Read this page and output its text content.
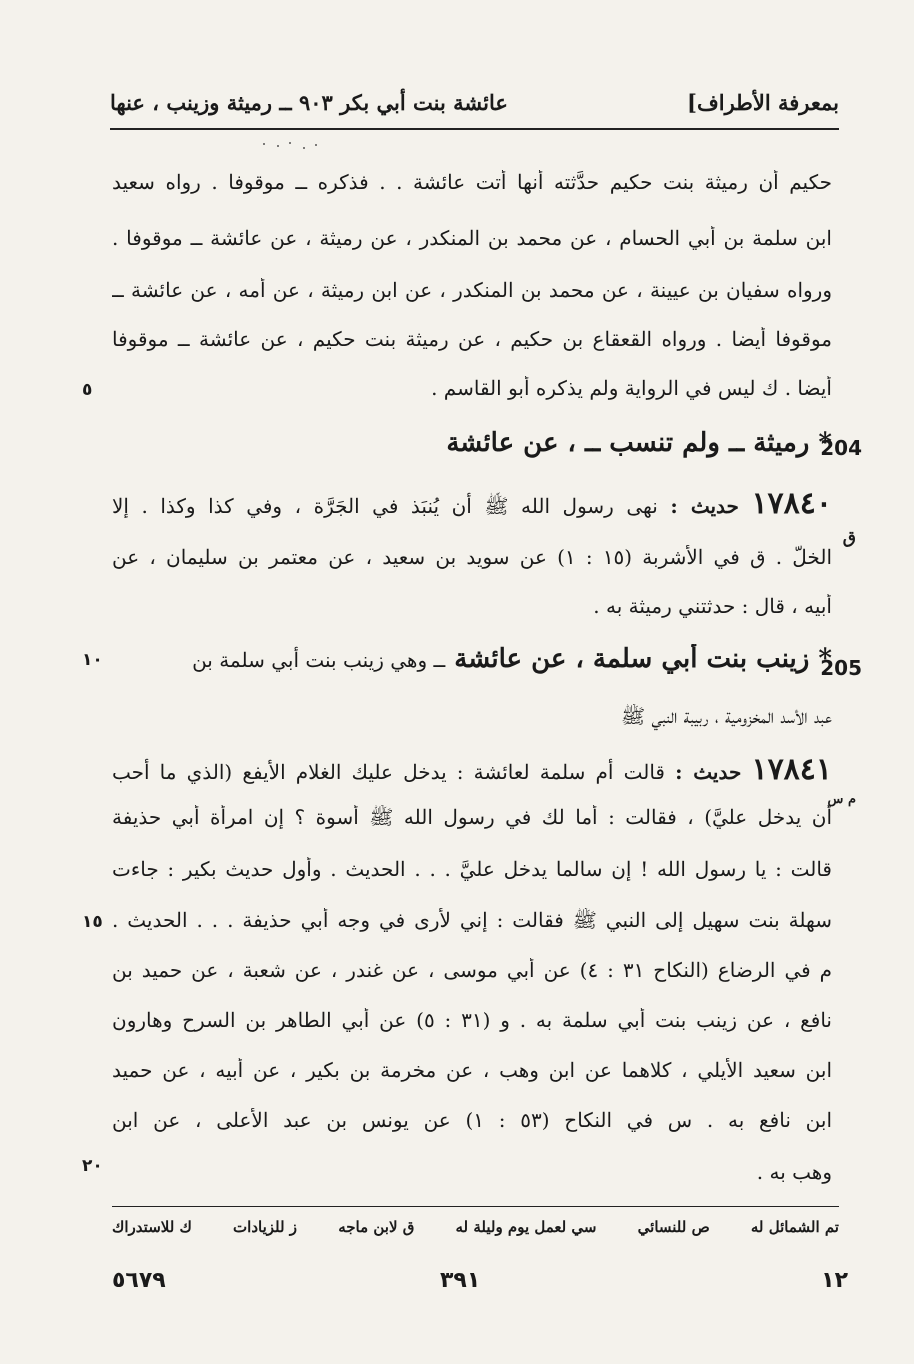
بمعرفة الأطراف]
عائشة بنت أبي بكر ٩٠٣ ــ رميثة وزينب ، عنها
حكيم أن رميثة بنت حكيم حدَّثته أنها أتت عائشة . . فذكره ــ موقوفا . رواه سعيد
ابن سلمة بن أبي الحسام ، عن محمد بن المنكدر ، عن رميثة ، عن عائشة ــ موقوفا .
ورواه سفيان بن عيينة ، عن محمد بن المنكدر ، عن ابن رميثة ، عن أمه ، عن عائشة ــ
موقوفا أيضا . ورواه القعقاع بن حكيم ، عن رميثة بنت حكيم ، عن عائشة ــ موقوفا
أيضا . ك ليس في الرواية ولم يذكره أبو القاسم .
٥
204
* رميثة ــ ولم تنسب ــ ، عن عائشة
١٧٨٤٠ حديث : نهى رسول الله ﷺ أن يُنبَذ في الجَرَّة ، وفي كذا وكذا . إلا
ق
الخلّ . ق في الأشربة (١٥ : ١) عن سويد بن سعيد ، عن معتمر بن سليمان ، عن
أبيه ، قال : حدثتني رميثة به .
205
١٠	* زينب بنت أبي سلمة ، عن عائشة ــ وهي زينب بنت أبي سلمة بن
عبد الأسد المخزومية ، ربيبة النبي ﷺ
١٧٨٤١ حديث : قالت أم سلمة لعائشة : يدخل عليك الغلام الأيفع (الذي ما أحب
م س
أن يدخل عليَّ) ، فقالت : أما لك في رسول الله ﷺ أسوة ؟ إن امرأة أبي حذيفة
قالت : يا رسول الله ! إن سالما يدخل عليَّ . . . الحديث . وأول حديث بكير : جاءت
سهلة بنت سهيل إلى النبي ﷺ فقالت : إني لأرى في وجه أبي حذيفة . . . الحديث .
١٥
م في الرضاع (النكاح ٣١ : ٤) عن أبي موسى ، عن غندر ، عن شعبة ، عن حميد بن
نافع ، عن زينب بنت أبي سلمة به . و (٣١ : ٥) عن أبي الطاهر بن السرح وهارون
ابن سعيد الأيلي ، كلاهما عن ابن وهب ، عن مخرمة بن بكير ، عن أبيه ، عن حميد
ابن نافع به . س في النكاح (٥٣ : ١) عن يونس بن عبد الأعلى ، عن ابن
وهب به .
٢٠
تم الشمائل له
ص للنسائي
سي لعمل يوم وليلة له
ق لابن ماجه
ز للزيادات
ك للاستدراك
١٢
٣٩١
٥٦٧٩
